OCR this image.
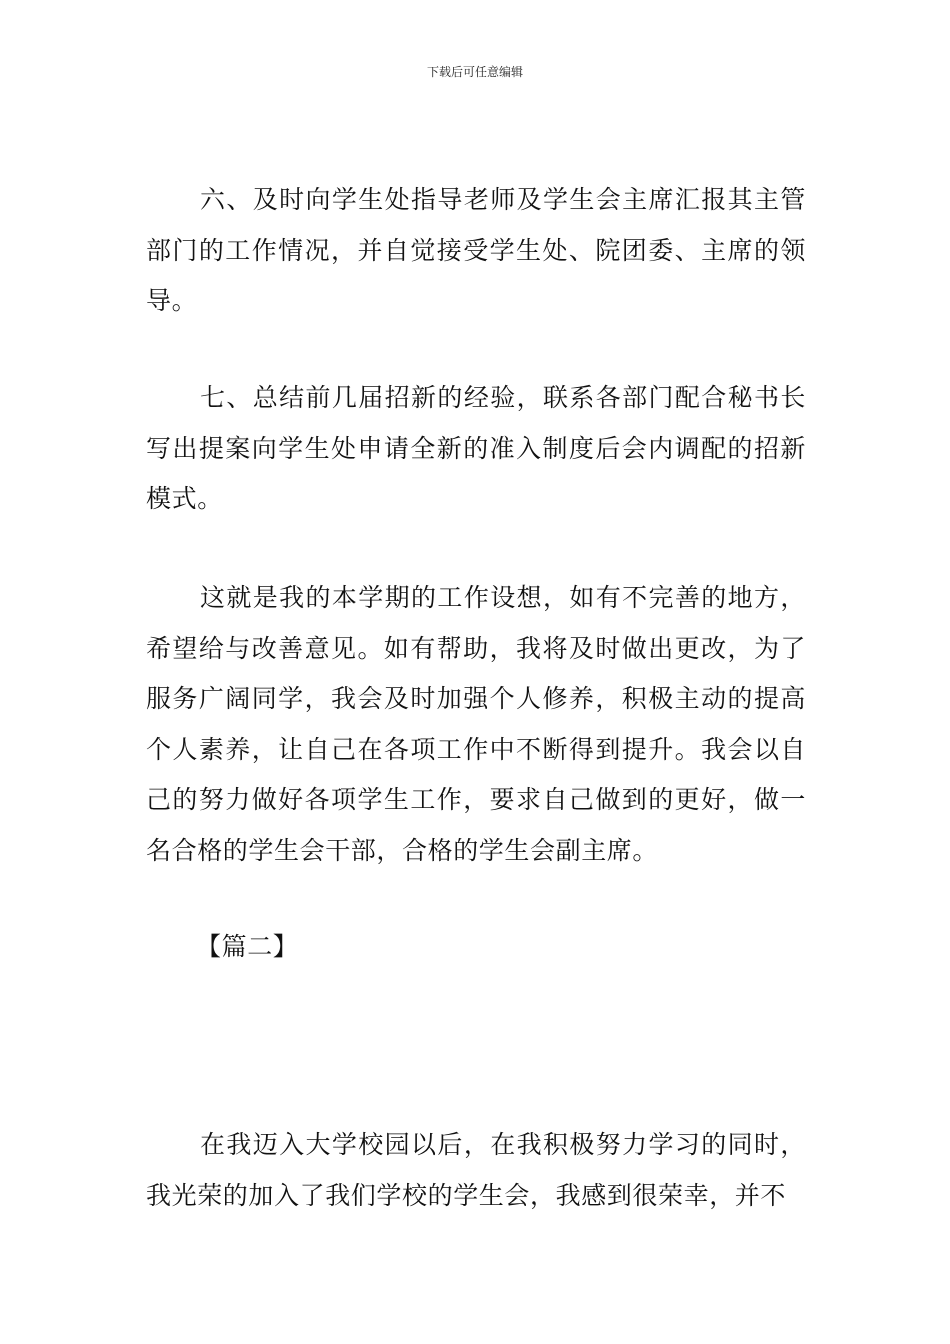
下载后可任意编辑

六、及时向学生处指导老师及学生会主席汇报其主管部门的工作情况，并自觉接受学生处、院团委、主席的领导。

七、总结前几届招新的经验，联系各部门配合秘书长写出提案向学生处申请全新的准入制度后会内调配的招新模式。

这就是我的本学期的工作设想，如有不完善的地方，希望给与改善意见。如有帮助，我将及时做出更改，为了服务广阔同学，我会及时加强个人修养，积极主动的提高个人素养，让自己在各项工作中不断得到提升。我会以自己的努力做好各项学生工作，要求自己做到的更好，做一名合格的学生会干部，合格的学生会副主席。

【篇二】

在我迈入大学校园以后，在我积极努力学习的同时，我光荣的加入了我们学校的学生会，我感到很荣幸，并不
